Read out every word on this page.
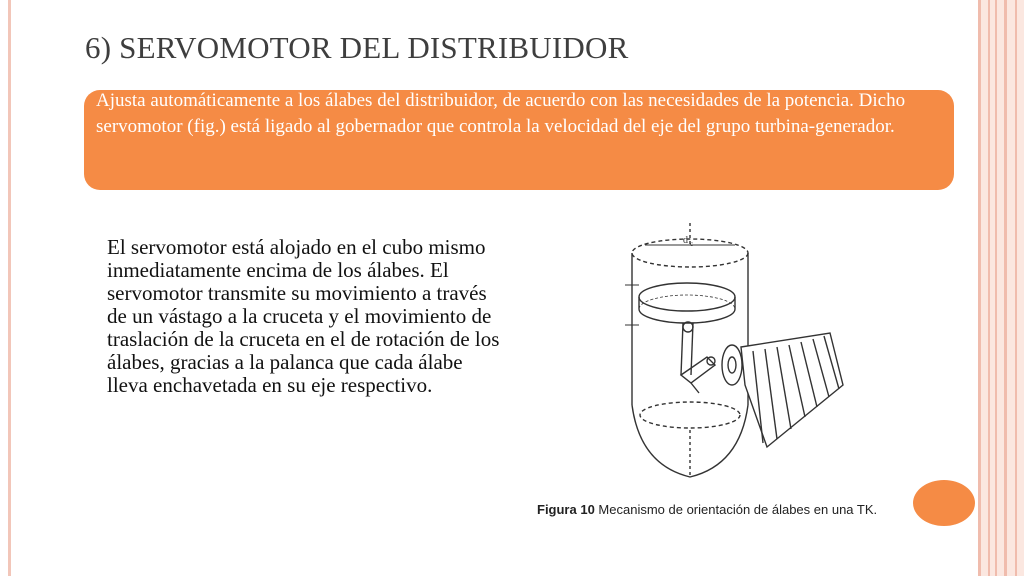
6) SERVOMOTOR DEL DISTRIBUIDOR

Ajusta automáticamente a los álabes del distribuidor, de acuerdo con las necesidades de la potencia. Dicho servomotor (fig.) está ligado al gobernador que controla la velocidad del eje del grupo turbina-generador.

El servomotor está alojado en el cubo mismo inmediatamente encima de los álabes. El servomotor transmite su movimiento a través de un vástago a la cruceta y el movimiento de traslación de la cruceta en el de rotación de los álabes, gracias a la palanca que cada álabe lleva enchavetada en su eje respectivo.

d c

Figura 10 Mecanismo de orientación de álabes en una TK.
